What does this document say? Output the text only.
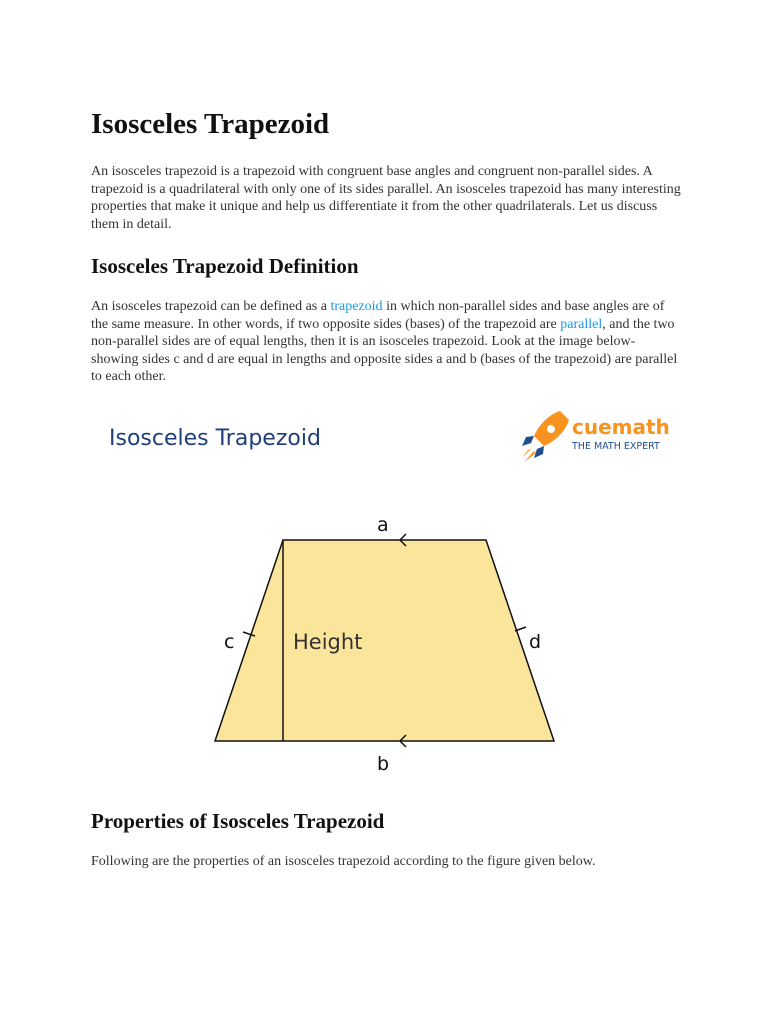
Isosceles Trapezoid

An isosceles trapezoid is a trapezoid with congruent base angles and congruent non-parallel sides. A trapezoid is a quadrilateral with only one of its sides parallel. An isosceles trapezoid has many interesting properties that make it unique and help us differentiate it from the other quadrilaterals. Let us discuss them in detail.

Isosceles Trapezoid Definition

An isosceles trapezoid can be defined as a trapezoid in which non-parallel sides and base angles are of the same measure. In other words, if two opposite sides (bases) of the trapezoid are parallel, and the two non-parallel sides are of equal lengths, then it is an isosceles trapezoid. Look at the image below-showing sides c and d are equal in lengths and opposite sides a and b (bases of the trapezoid) are parallel to each other.

Properties of Isosceles Trapezoid

Following are the properties of an isosceles trapezoid according to the figure given below.

Isosceles Trapezoid	cuemath
THE MATH EXPERT
a
b
c	d
Height
